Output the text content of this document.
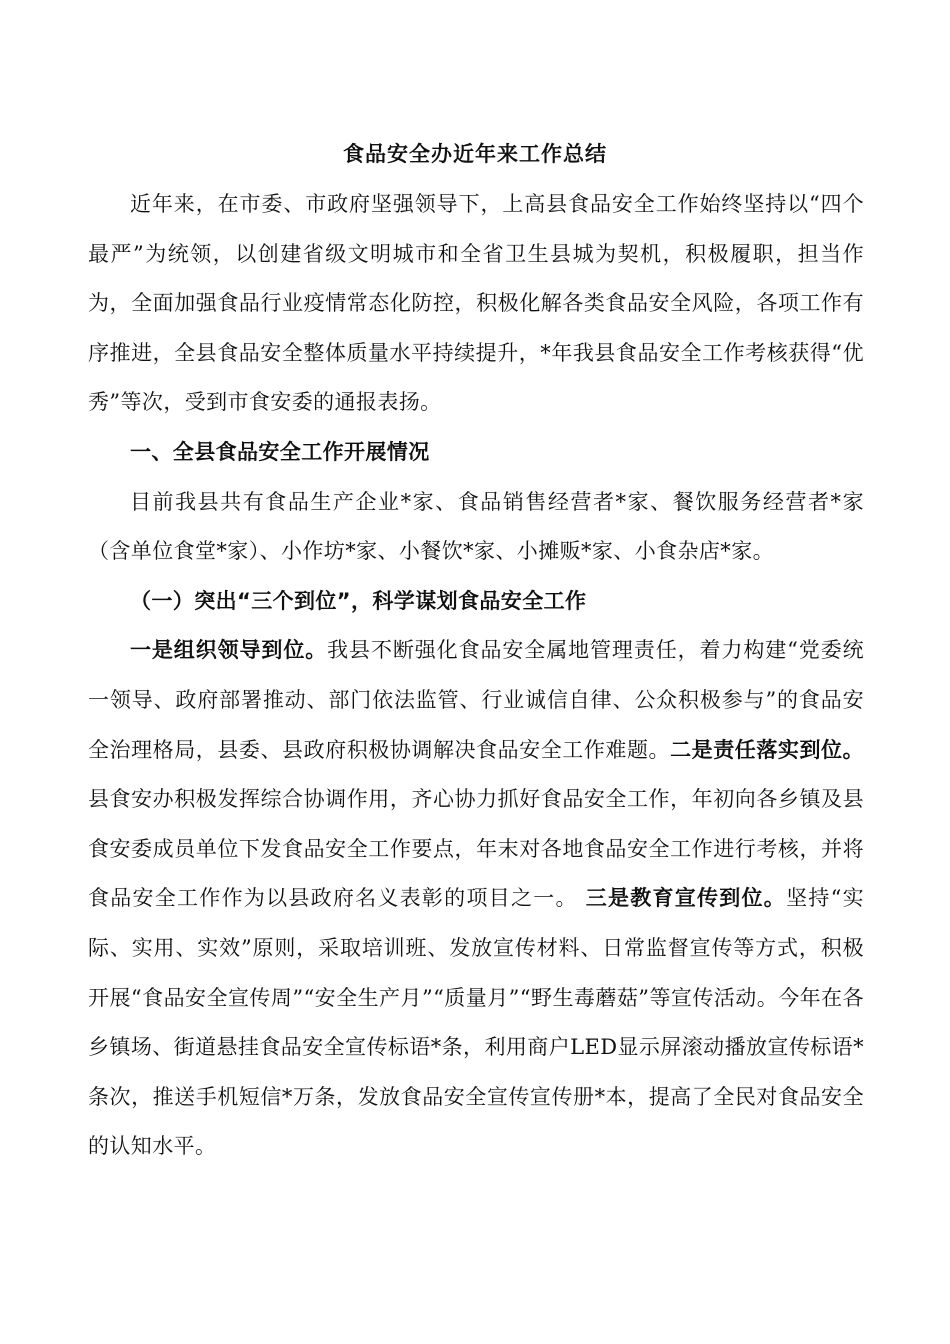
食品安全办近年来工作总结

近年来，在市委、市政府坚强领导下，上高县食品安全工作始终坚持以“四个最严”为统领，以创建省级文明城市和全省卫生县城为契机，积极履职，担当作为，全面加强食品行业疫情常态化防控，积极化解各类食品安全风险，各项工作有序推进，全县食品安全整体质量水平持续提升，*年我县食品安全工作考核获得“优秀”等次，受到市食安委的通报表扬。

一、全县食品安全工作开展情况

目前我县共有食品生产企业*家、食品销售经营者*家、餐饮服务经营者*家（含单位食堂*家）、小作坊*家、小餐饮*家、小摊贩*家、小食杂店*家。

（一）突出“三个到位”，科学谋划食品安全工作

一是组织领导到位。我县不断强化食品安全属地管理责任，着力构建“党委统一领导、政府部署推动、部门依法监管、行业诚信自律、公众积极参与”的食品安全治理格局，县委、县政府积极协调解决食品安全工作难题。二是责任落实到位。县食安办积极发挥综合协调作用，齐心协力抓好食品安全工作，年初向各乡镇及县食安委成员单位下发食品安全工作要点，年末对各地食品安全工作进行考核，并将食品安全工作作为以县政府名义表彰的项目之一。 三是教育宣传到位。坚持“实际、实用、实效”原则，采取培训班、发放宣传材料、日常监督宣传等方式，积极开展“食品安全宣传周”“安全生产月”“质量月”“野生毒蘑菇”等宣传活动。今年在各乡镇场、街道悬挂食品安全宣传标语*条，利用商户LED显示屏滚动播放宣传标语*条次，推送手机短信*万条，发放食品安全宣传宣传册*本，提高了全民对食品安全的认知水平。
